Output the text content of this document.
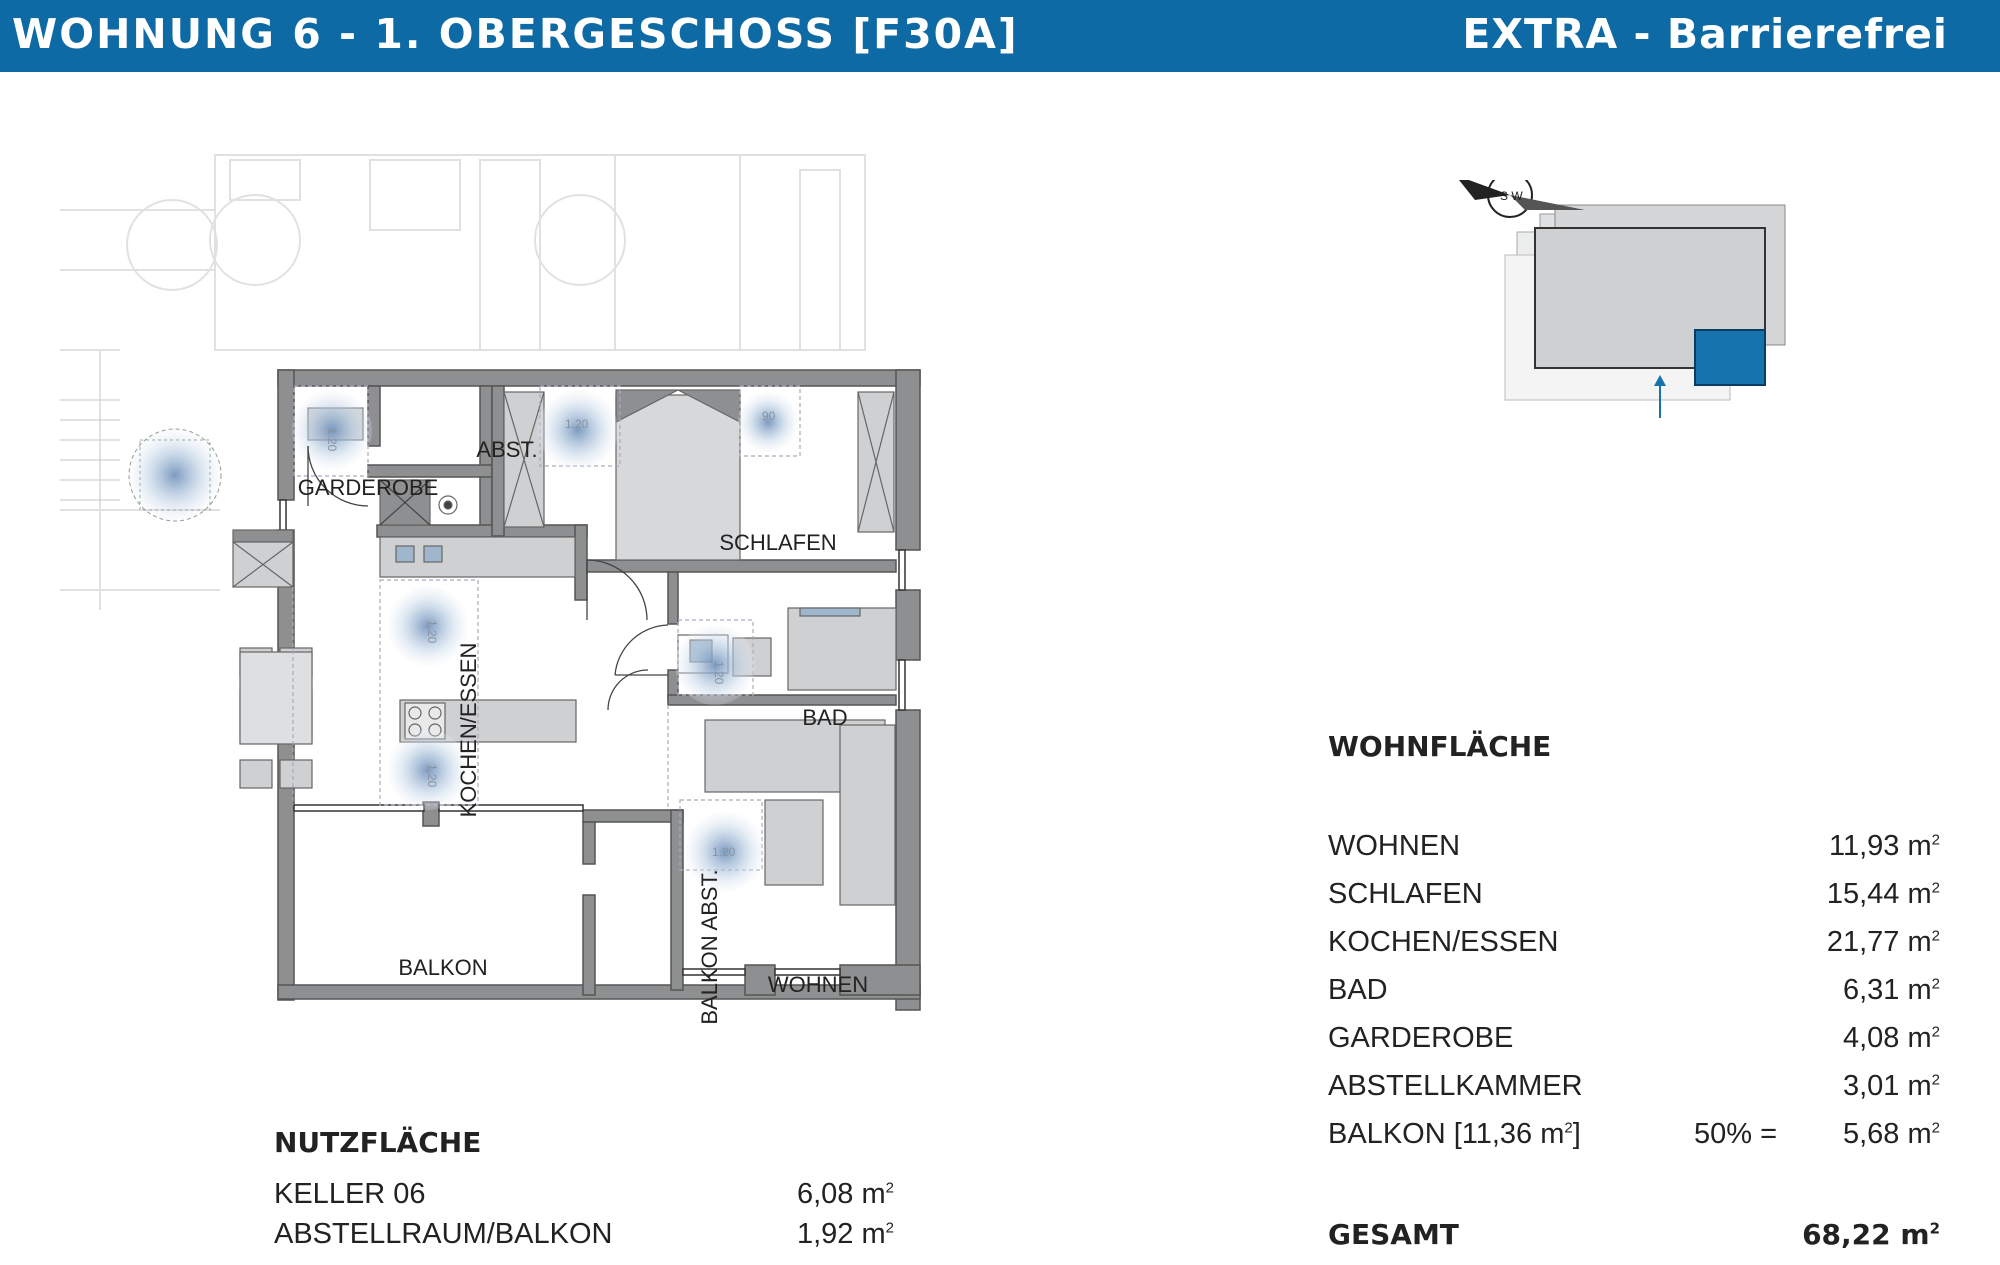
WOHNUNG 6 - 1. OBERGESCHOSS [F30A]	EXTRA - Barrierefrei
1.20
1.20
90
1.20
1.20
1.20
1.20
ABST.
GARDEROBE
SCHLAFEN
KOCHEN/ESSEN	BAD
BALKON	BALKON ABST. WOHNEN
S W
NUTZFLÄCHE
KELLER 06	6,08 $m^2$
ABSTELLRAUM/BALKON	1,92 $m^2$
WOHNFLÄCHE
WOHNEN	11,93 $m^2$
SCHLAFEN	15,44 $m^2$
KOCHEN/ESSEN	21,77 $m^2$
BAD	6,31 $m^2$
GARDEROBE	4,08 $m^2$
ABSTELLKAMMER	3,01 $m^2$
BALKON [11,36 $m^2$]	50% =	5,68 $m^2$
GESAMT	68,22 $m^2$
